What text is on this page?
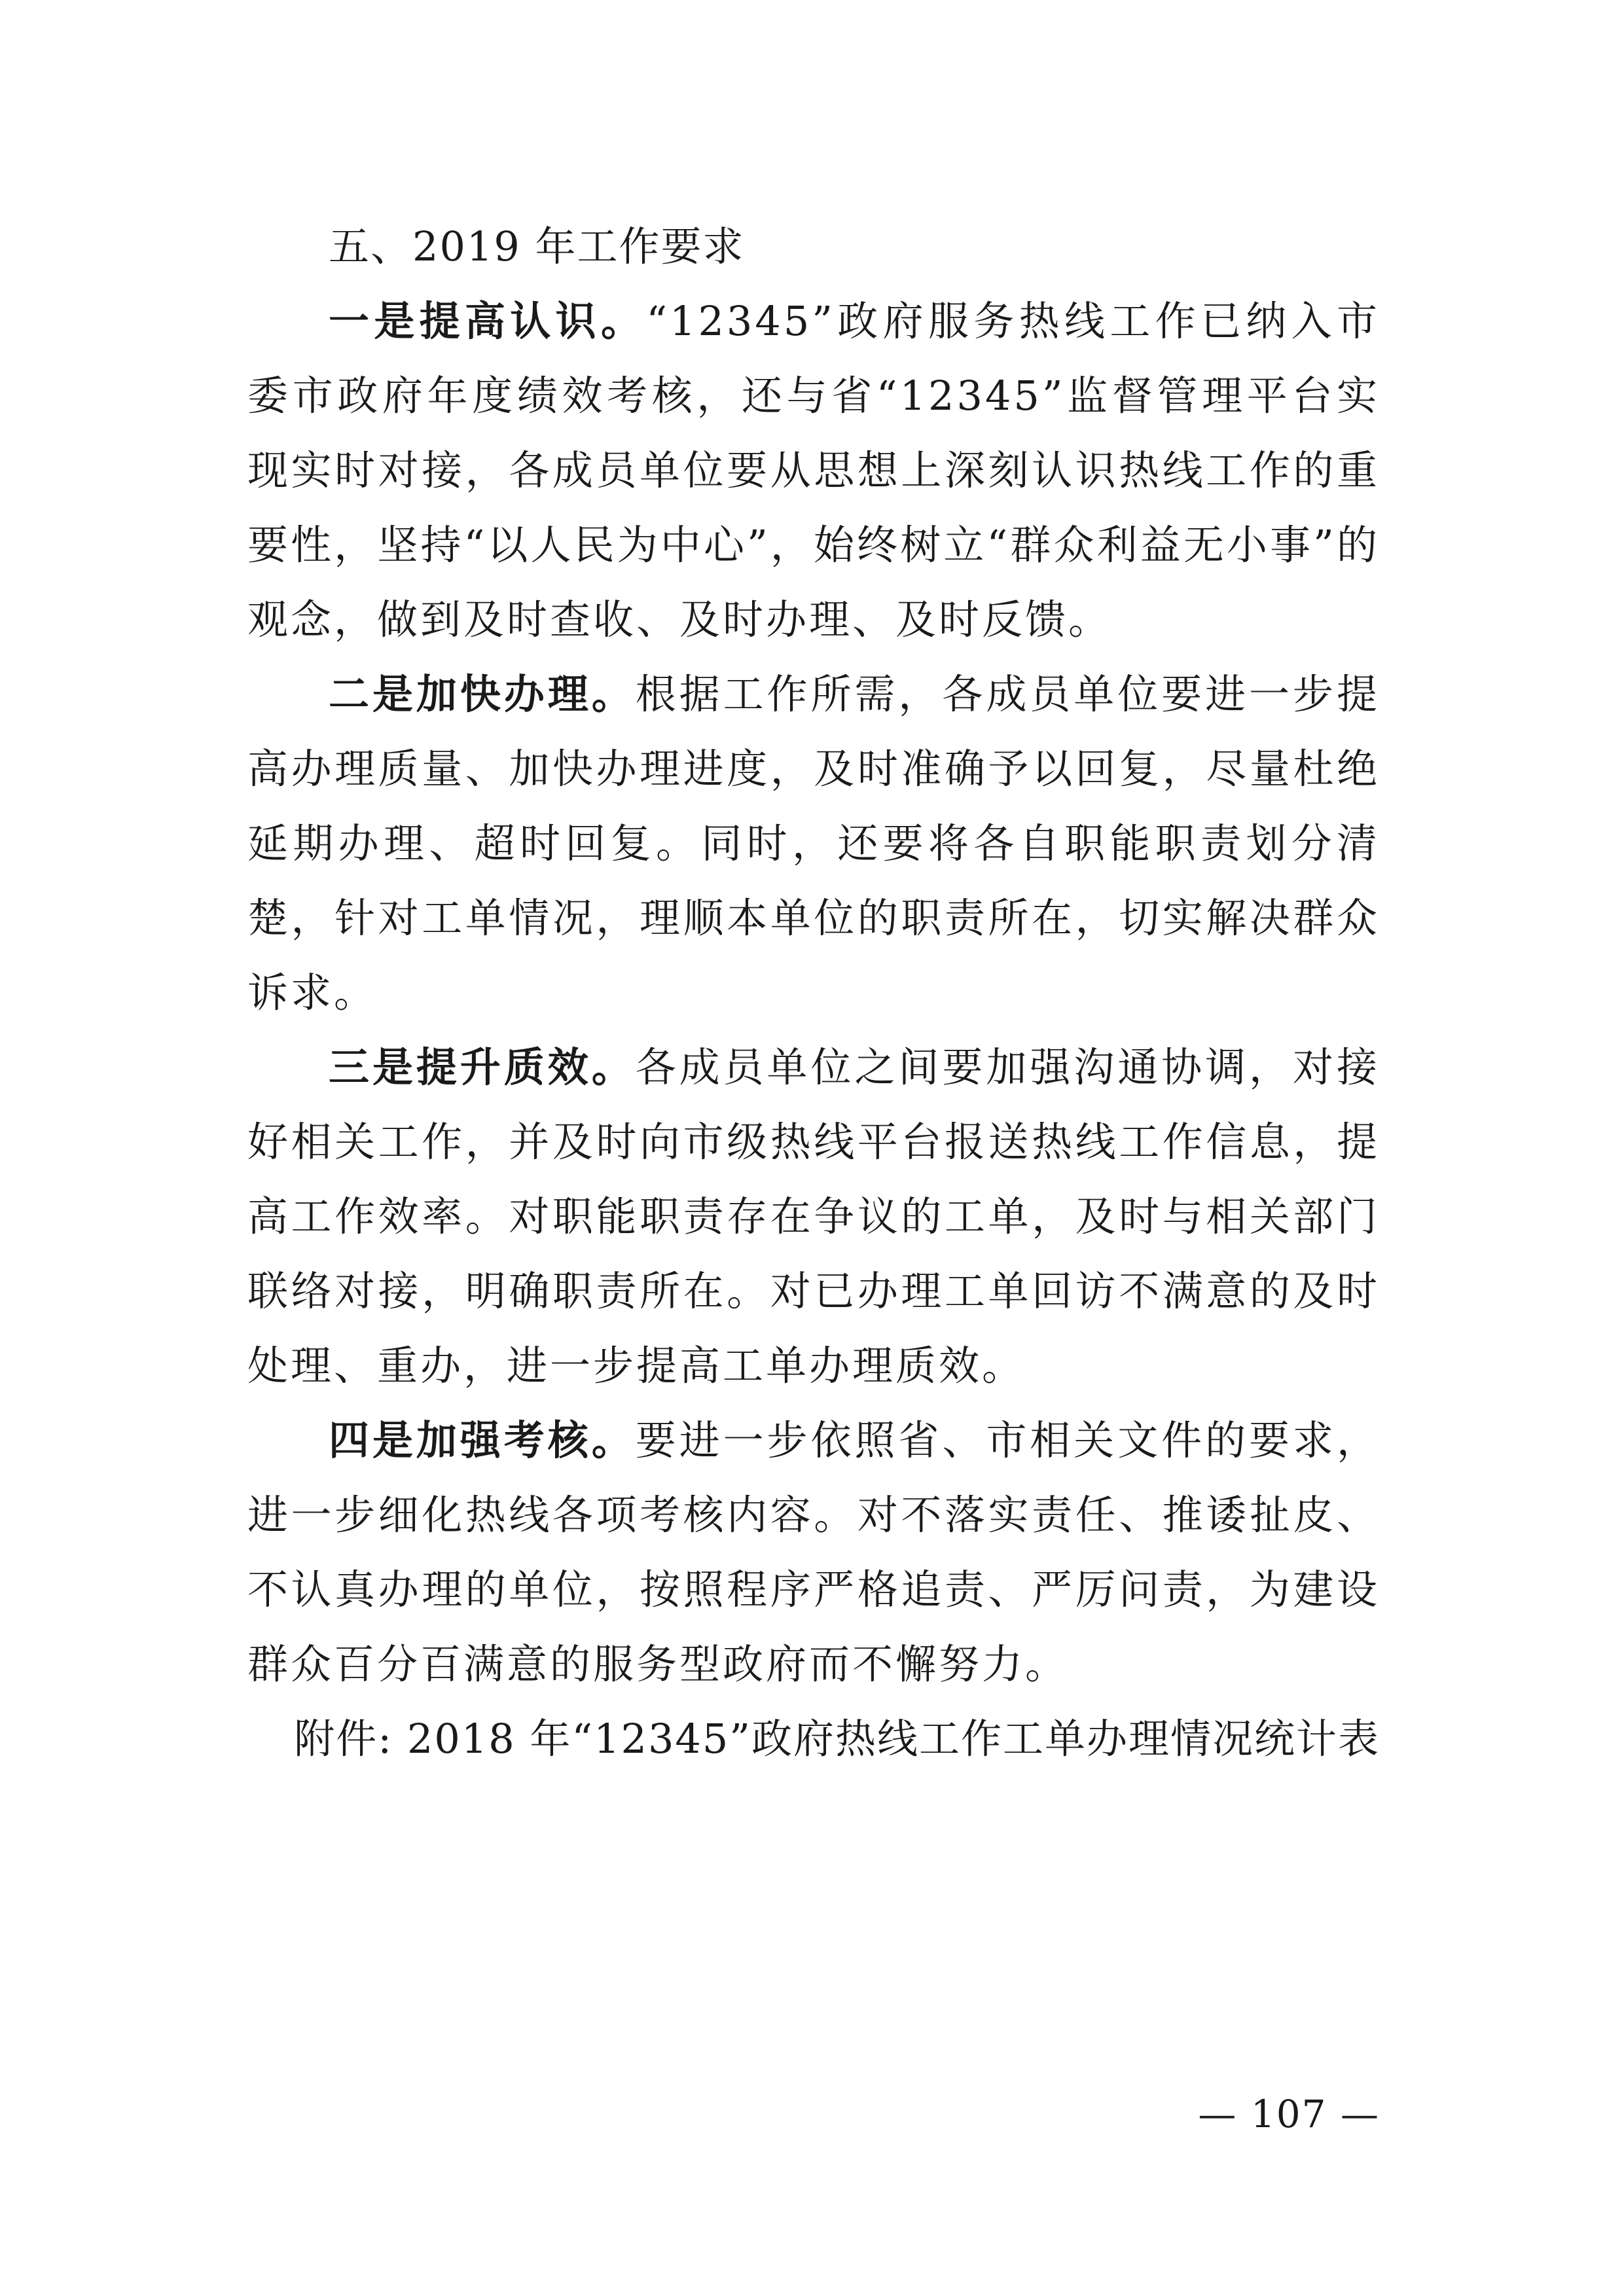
五、2019 年工作要求

一是提高认识。“12345”政府服务热线工作已纳入市委市政府年度绩效考核，还与省“12345”监督管理平台实现实时对接，各成员单位要从思想上深刻认识热线工作的重要性，坚持“以人民为中心”，始终树立“群众利益无小事”的观念，做到及时查收、及时办理、及时反馈。

二是加快办理。根据工作所需，各成员单位要进一步提高办理质量、加快办理进度，及时准确予以回复，尽量杜绝延期办理、超时回复。同时，还要将各自职能职责划分清楚，针对工单情况，理顺本单位的职责所在，切实解决群众诉求。

三是提升质效。各成员单位之间要加强沟通协调，对接好相关工作，并及时向市级热线平台报送热线工作信息，提高工作效率。对职能职责存在争议的工单，及时与相关部门联络对接，明确职责所在。对已办理工单回访不满意的及时处理、重办，进一步提高工单办理质效。

四是加强考核。要进一步依照省、市相关文件的要求，进一步细化热线各项考核内容。对不落实责任、推诿扯皮、不认真办理的单位，按照程序严格追责、严厉问责，为建设群众百分百满意的服务型政府而不懈努力。

附件: 2018 年“12345”政府热线工作工单办理情况统计表
— 107 —
